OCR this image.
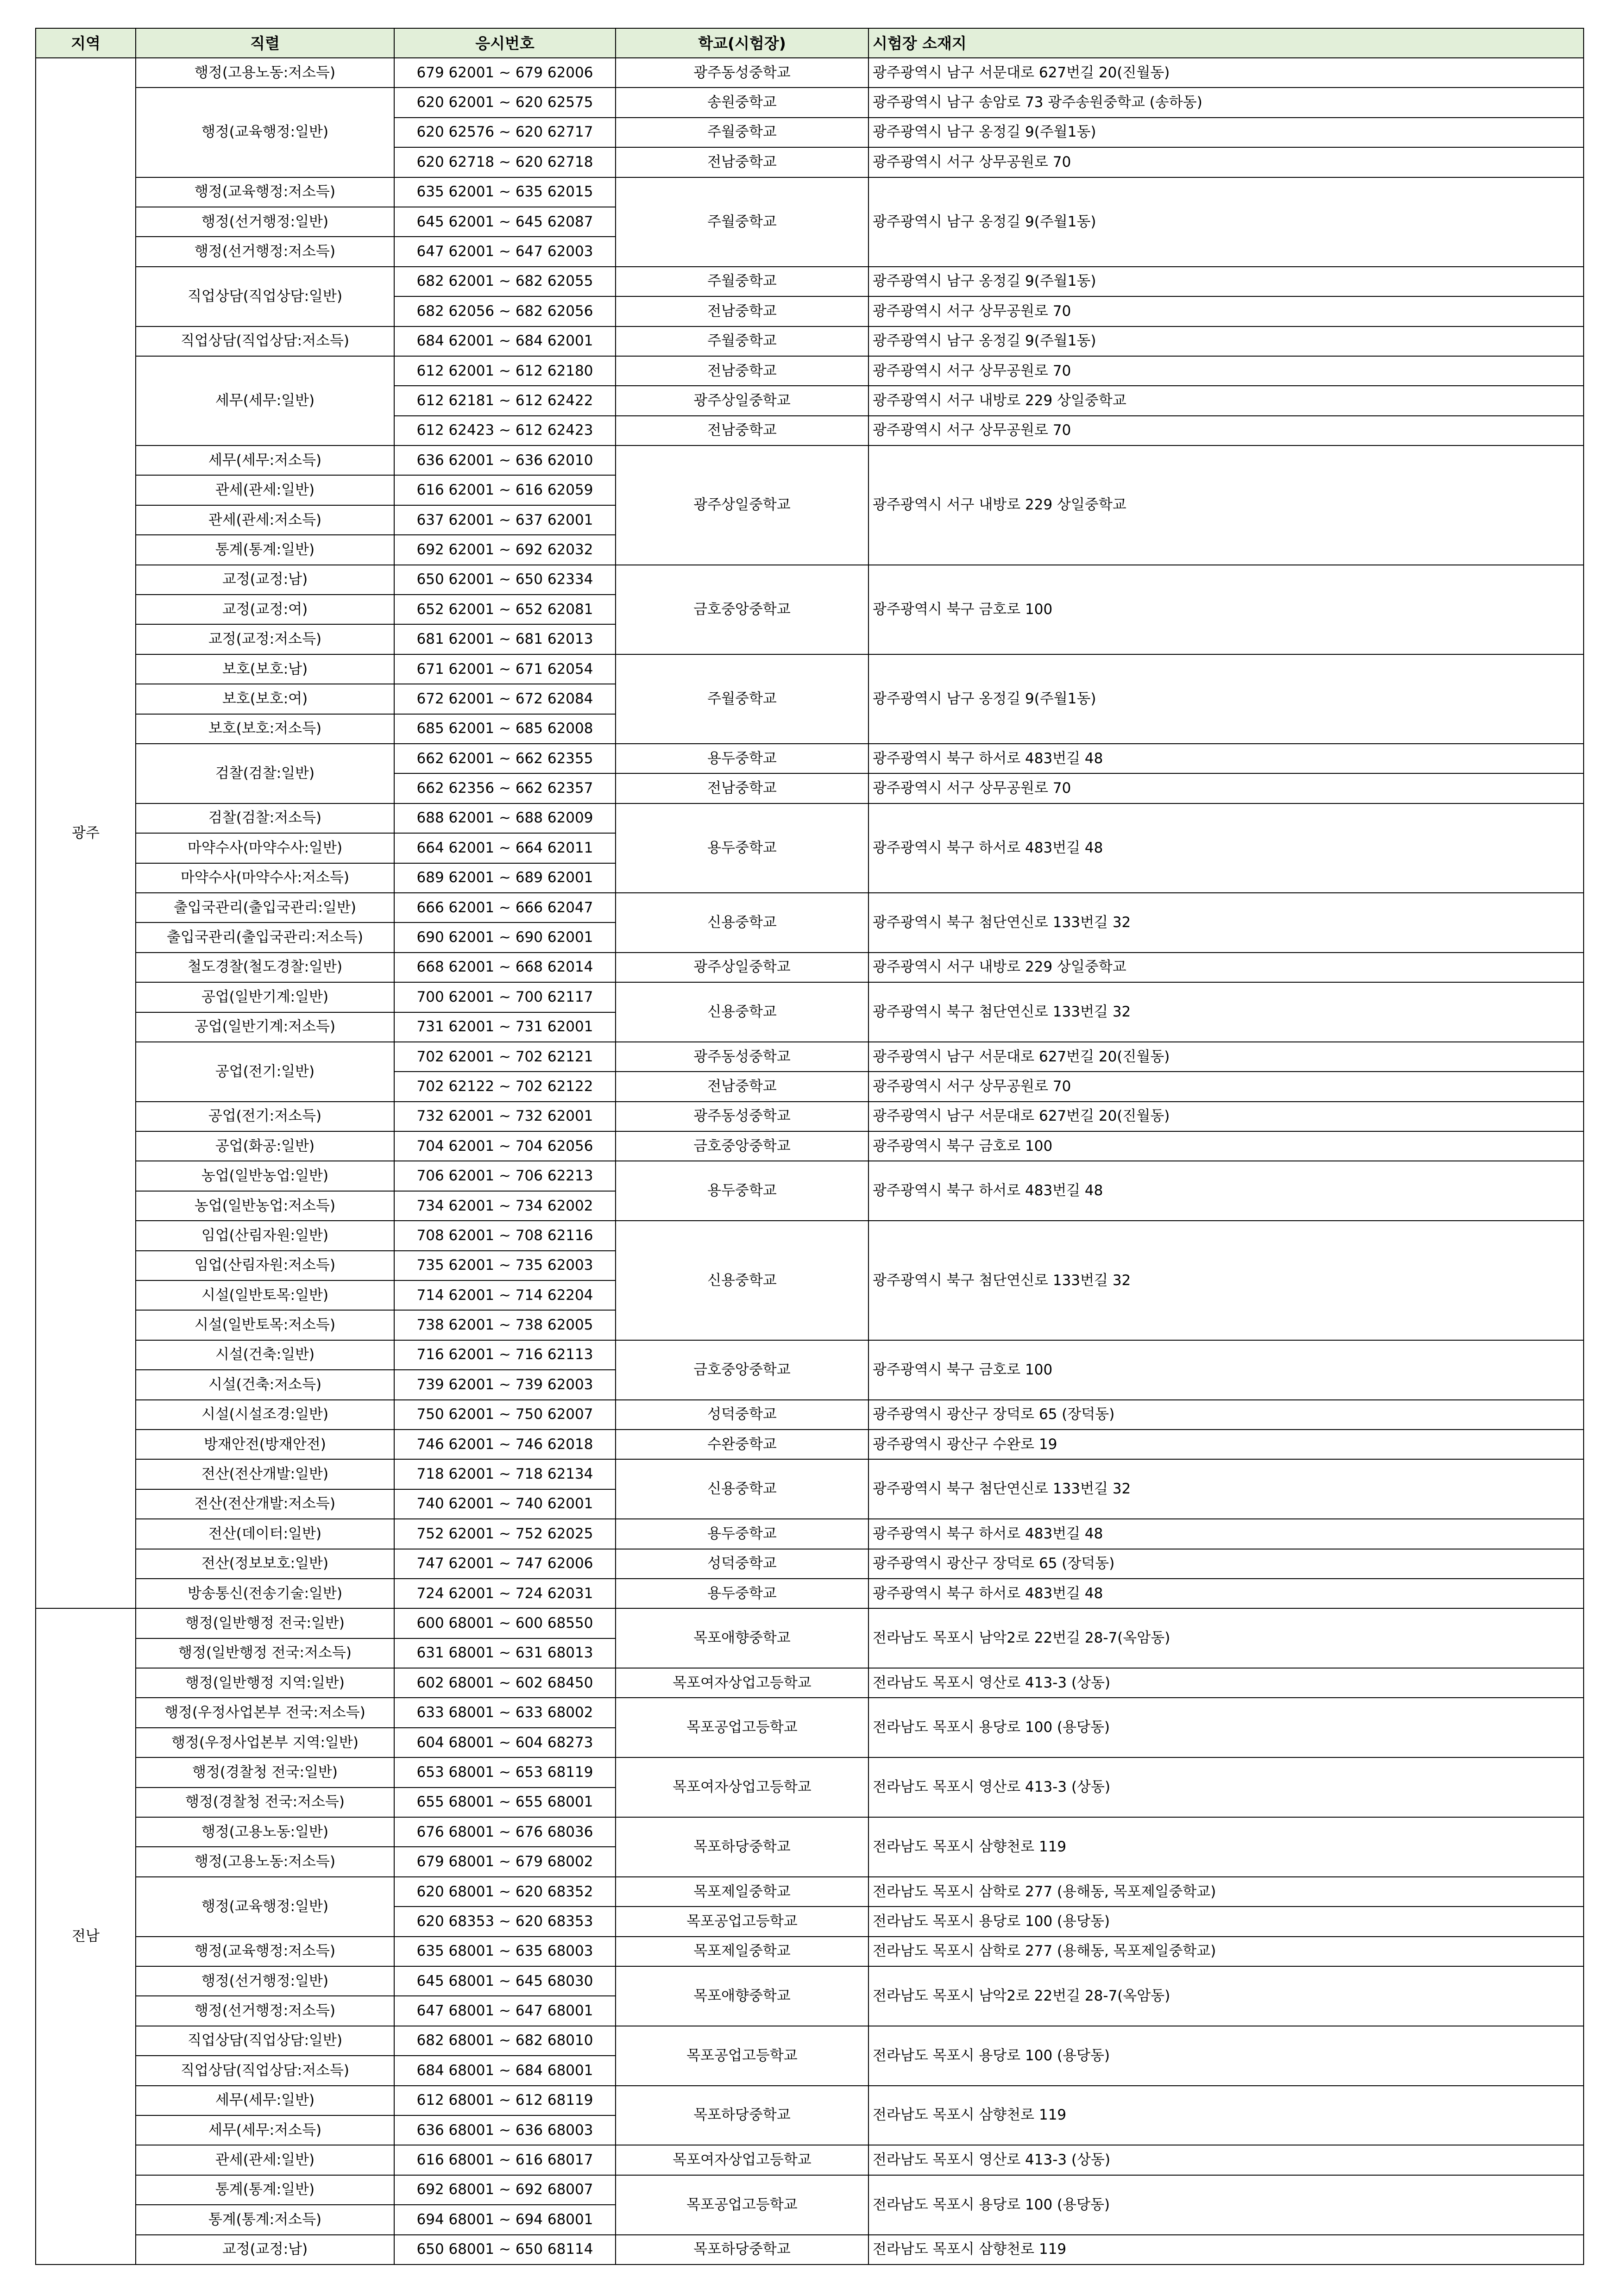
지역	직렬	응시번호	학교(시험장)	시험장 소재지
광주	행정(고용노동:저소득)	679 62001 ~ 679 62006	광주동성중학교	광주광역시 남구 서문대로 627번길 20(진월동)
	행정(교육행정:일반)	620 62001 ~ 620 62575	송원중학교	광주광역시 남구 송암로 73 광주송원중학교 (송하동)
		620 62576 ~ 620 62717	주월중학교	광주광역시 남구 옹정길 9(주월1동)
		620 62718 ~ 620 62718	전남중학교	광주광역시 서구 상무공원로 70
	행정(교육행정:저소득)	635 62001 ~ 635 62015	주월중학교	광주광역시 남구 옹정길 9(주월1동)
	행정(선거행정:일반)	645 62001 ~ 645 62087		
	행정(선거행정:저소득)	647 62001 ~ 647 62003		
	직업상담(직업상담:일반)	682 62001 ~ 682 62055	주월중학교	광주광역시 남구 옹정길 9(주월1동)
		682 62056 ~ 682 62056	전남중학교	광주광역시 서구 상무공원로 70
	직업상담(직업상담:저소득)	684 62001 ~ 684 62001	주월중학교	광주광역시 남구 옹정길 9(주월1동)
	세무(세무:일반)	612 62001 ~ 612 62180	전남중학교	광주광역시 서구 상무공원로 70
		612 62181 ~ 612 62422	광주상일중학교	광주광역시 서구 내방로 229 상일중학교
		612 62423 ~ 612 62423	전남중학교	광주광역시 서구 상무공원로 70
	세무(세무:저소득)	636 62001 ~ 636 62010	광주상일중학교	광주광역시 서구 내방로 229 상일중학교
	관세(관세:일반)	616 62001 ~ 616 62059		
	관세(관세:저소득)	637 62001 ~ 637 62001		
	통계(통계:일반)	692 62001 ~ 692 62032		
	교정(교정:남)	650 62001 ~ 650 62334	금호중앙중학교	광주광역시 북구 금호로 100
	교정(교정:여)	652 62001 ~ 652 62081		
	교정(교정:저소득)	681 62001 ~ 681 62013		
	보호(보호:남)	671 62001 ~ 671 62054	주월중학교	광주광역시 남구 옹정길 9(주월1동)
	보호(보호:여)	672 62001 ~ 672 62084		
	보호(보호:저소득)	685 62001 ~ 685 62008		
	검찰(검찰:일반)	662 62001 ~ 662 62355	용두중학교	광주광역시 북구 하서로 483번길 48
		662 62356 ~ 662 62357	전남중학교	광주광역시 서구 상무공원로 70
	검찰(검찰:저소득)	688 62001 ~ 688 62009	용두중학교	광주광역시 북구 하서로 483번길 48
	마약수사(마약수사:일반)	664 62001 ~ 664 62011		
	마약수사(마약수사:저소득)	689 62001 ~ 689 62001		
	출입국관리(출입국관리:일반)	666 62001 ~ 666 62047	신용중학교	광주광역시 북구 첨단연신로 133번길 32
	출입국관리(출입국관리:저소득)	690 62001 ~ 690 62001		
	철도경찰(철도경찰:일반)	668 62001 ~ 668 62014	광주상일중학교	광주광역시 서구 내방로 229 상일중학교
	공업(일반기계:일반)	700 62001 ~ 700 62117	신용중학교	광주광역시 북구 첨단연신로 133번길 32
	공업(일반기계:저소득)	731 62001 ~ 731 62001		
	공업(전기:일반)	702 62001 ~ 702 62121	광주동성중학교	광주광역시 남구 서문대로 627번길 20(진월동)
		702 62122 ~ 702 62122	전남중학교	광주광역시 서구 상무공원로 70
	공업(전기:저소득)	732 62001 ~ 732 62001	광주동성중학교	광주광역시 남구 서문대로 627번길 20(진월동)
	공업(화공:일반)	704 62001 ~ 704 62056	금호중앙중학교	광주광역시 북구 금호로 100
	농업(일반농업:일반)	706 62001 ~ 706 62213	용두중학교	광주광역시 북구 하서로 483번길 48
	농업(일반농업:저소득)	734 62001 ~ 734 62002		
	임업(산림자원:일반)	708 62001 ~ 708 62116	신용중학교	광주광역시 북구 첨단연신로 133번길 32
	임업(산림자원:저소득)	735 62001 ~ 735 62003		
	시설(일반토목:일반)	714 62001 ~ 714 62204		
	시설(일반토목:저소득)	738 62001 ~ 738 62005		
	시설(건축:일반)	716 62001 ~ 716 62113	금호중앙중학교	광주광역시 북구 금호로 100
	시설(건축:저소득)	739 62001 ~ 739 62003		
	시설(시설조경:일반)	750 62001 ~ 750 62007	성덕중학교	광주광역시 광산구 장덕로 65 (장덕동)
	방재안전(방재안전)	746 62001 ~ 746 62018	수완중학교	광주광역시 광산구 수완로 19
	전산(전산개발:일반)	718 62001 ~ 718 62134	신용중학교	광주광역시 북구 첨단연신로 133번길 32
	전산(전산개발:저소득)	740 62001 ~ 740 62001		
	전산(데이터:일반)	752 62001 ~ 752 62025	용두중학교	광주광역시 북구 하서로 483번길 48
	전산(정보보호:일반)	747 62001 ~ 747 62006	성덕중학교	광주광역시 광산구 장덕로 65 (장덕동)
	방송통신(전송기술:일반)	724 62001 ~ 724 62031	용두중학교	광주광역시 북구 하서로 483번길 48
전남	행정(일반행정 전국:일반)	600 68001 ~ 600 68550	목포애향중학교	전라남도 목포시 남악2로 22번길 28-7(옥암동)
	행정(일반행정 전국:저소득)	631 68001 ~ 631 68013		
	행정(일반행정 지역:일반)	602 68001 ~ 602 68450	목포여자상업고등학교	전라남도 목포시 영산로 413-3 (상동)
	행정(우정사업본부 전국:저소득)	633 68001 ~ 633 68002	목포공업고등학교	전라남도 목포시 용당로 100 (용당동)
	행정(우정사업본부 지역:일반)	604 68001 ~ 604 68273		
	행정(경찰청 전국:일반)	653 68001 ~ 653 68119	목포여자상업고등학교	전라남도 목포시 영산로 413-3 (상동)
	행정(경찰청 전국:저소득)	655 68001 ~ 655 68001		
	행정(고용노동:일반)	676 68001 ~ 676 68036	목포하당중학교	전라남도 목포시 삼향천로 119
	행정(고용노동:저소득)	679 68001 ~ 679 68002		
	행정(교육행정:일반)	620 68001 ~ 620 68352	목포제일중학교	전라남도 목포시 삼학로 277 (용해동, 목포제일중학교)
		620 68353 ~ 620 68353	목포공업고등학교	전라남도 목포시 용당로 100 (용당동)
	행정(교육행정:저소득)	635 68001 ~ 635 68003	목포제일중학교	전라남도 목포시 삼학로 277 (용해동, 목포제일중학교)
	행정(선거행정:일반)	645 68001 ~ 645 68030	목포애향중학교	전라남도 목포시 남악2로 22번길 28-7(옥암동)
	행정(선거행정:저소득)	647 68001 ~ 647 68001		
	직업상담(직업상담:일반)	682 68001 ~ 682 68010	목포공업고등학교	전라남도 목포시 용당로 100 (용당동)
	직업상담(직업상담:저소득)	684 68001 ~ 684 68001		
	세무(세무:일반)	612 68001 ~ 612 68119	목포하당중학교	전라남도 목포시 삼향천로 119
	세무(세무:저소득)	636 68001 ~ 636 68003		
	관세(관세:일반)	616 68001 ~ 616 68017	목포여자상업고등학교	전라남도 목포시 영산로 413-3 (상동)
	통계(통계:일반)	692 68001 ~ 692 68007	목포공업고등학교	전라남도 목포시 용당로 100 (용당동)
	통계(통계:저소득)	694 68001 ~ 694 68001		
	교정(교정:남)	650 68001 ~ 650 68114	목포하당중학교	전라남도 목포시 삼향천로 119
